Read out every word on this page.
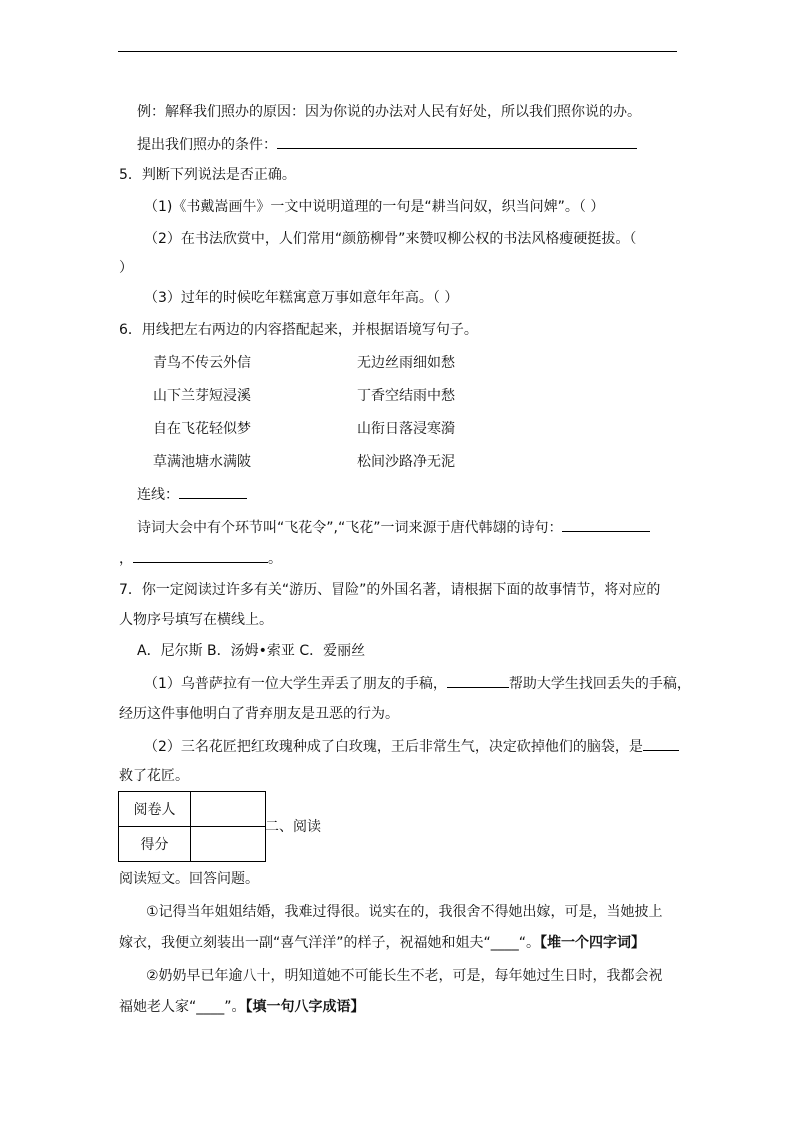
例：解释我们照办的原因：因为你说的办法对人民有好处，所以我们照你说的办。
提出我们照办的条件：
5．判断下列说法是否正确。
（1)《书戴嵩画牛》一文中说明道理的一句是“耕当问奴，织当问婢”。（ ）
（2）在书法欣赏中，人们常用“颜筋柳骨”来赞叹柳公权的书法风格瘦硬挺拔。（
）
（3）过年的时候吃年糕寓意万事如意年年高。（ ）
6．用线把左右两边的内容搭配起来，并根据语境写句子。
青鸟不传云外信	无边丝雨细如愁
山下兰芽短浸溪	丁香空结雨中愁
自在飞花轻似梦	山衔日落浸寒漪
草满池塘水满陂	松间沙路净无泥
连线：
诗词大会中有个环节叫“飞花令”,“飞花”一词来源于唐代韩翃的诗句：
，	。
7．你一定阅读过许多有关“游历、冒险”的外国名著，请根据下面的故事情节，将对应的
人物序号填写在横线上。
A．尼尔斯 B．汤姆•索亚 C．爱丽丝
（1）乌普萨拉有一位大学生弄丢了朋友的手稿，	帮助大学生找回丢失的手稿，
经历这件事他明白了背弃朋友是丑恶的行为。
（2）三名花匠把红玫瑰种成了白玫瑰，王后非常生气，决定砍掉他们的脑袋，是
救了花匠。
阅卷人	
得分	
二、阅读
阅读短文。回答问题。
①记得当年姐姐结婚，我难过得很。说实在的，我很舍不得她出嫁，可是，当她披上
嫁衣，我便立刻装出一副“喜气洋洋”的样子，祝福她和姐夫“____“。【堆一个四字词】
②奶奶早已年逾八十，明知道她不可能长生不老，可是，每年她过生日时，我都会祝
福她老人家“____”。【填一句八字成语】
